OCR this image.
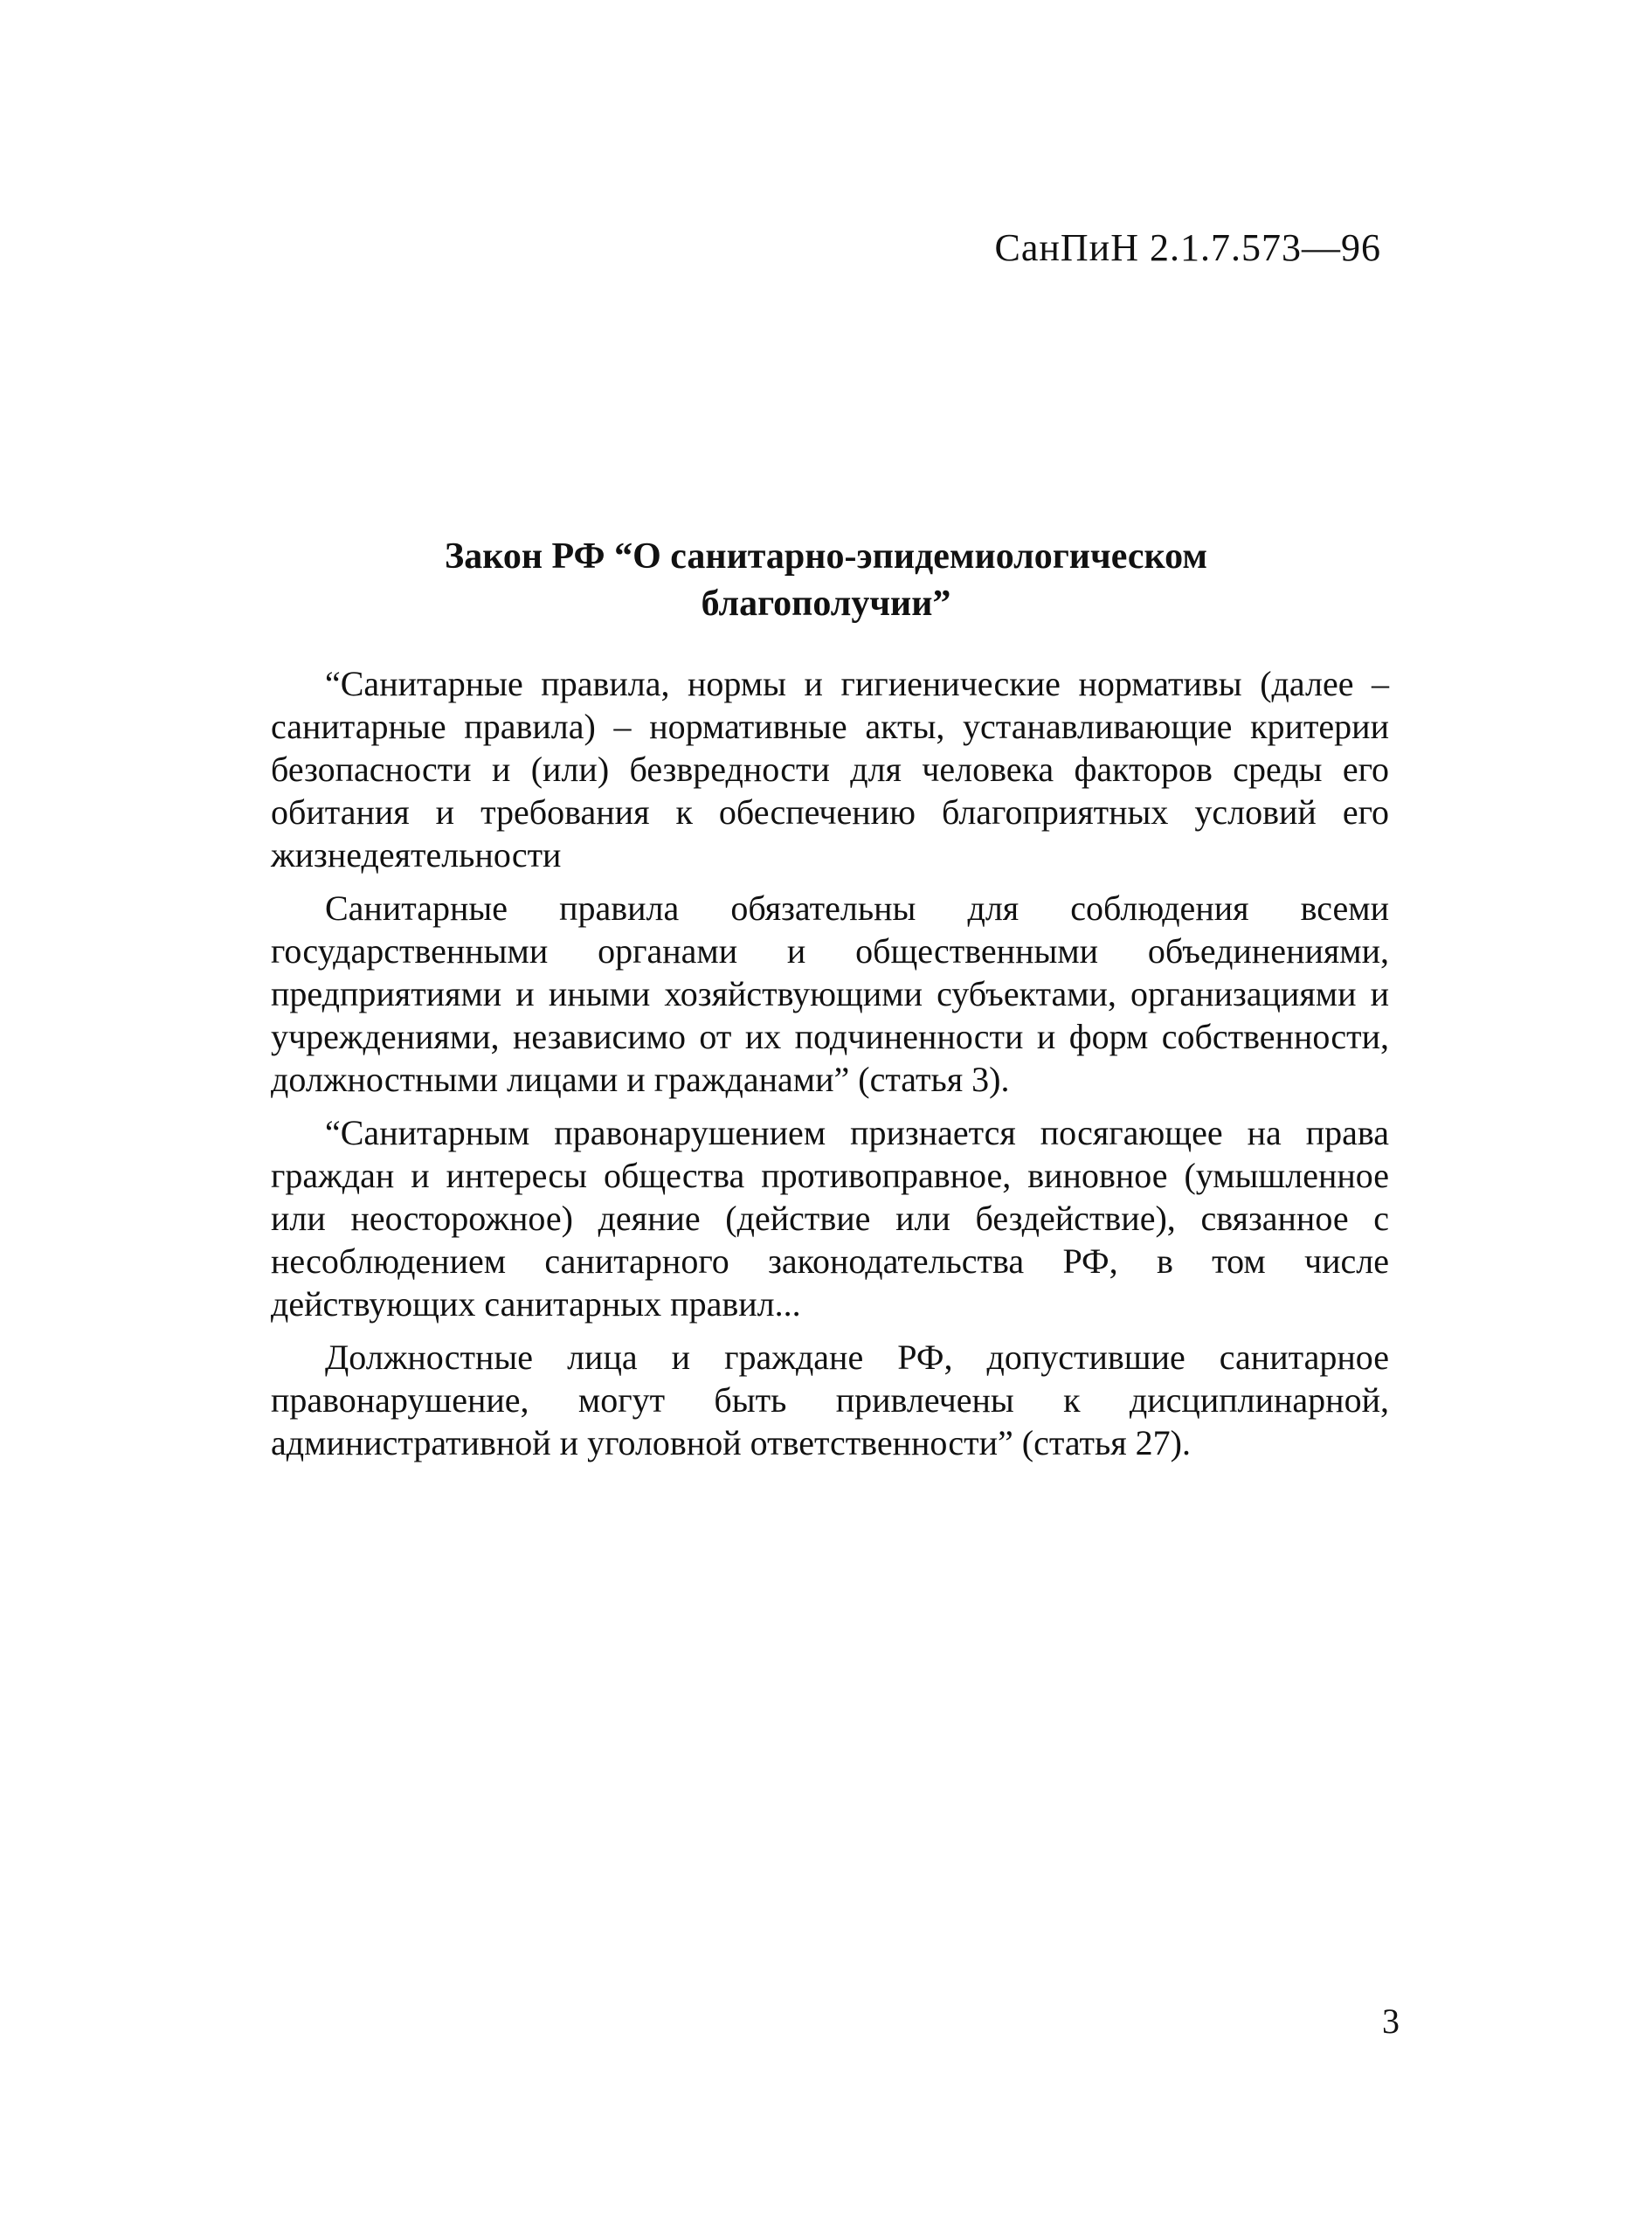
СанПиН 2.1.7.573—96
Закон РФ “О санитарно-эпидемиологическом
благополучии”

“Санитарные правила, нормы и гигиенические нормативы (далее – санитарные правила) – нормативные акты, устанавливающие критерии безопасности и (или) безвредности для человека факторов среды его обитания и требования к обеспечению благоприятных условий его жизнедеятельности

Санитарные правила обязательны для соблюдения всеми государственными органами и общественными объединениями, предприятиями и иными хозяйствующими субъектами, организациями и учреждениями, независимо от их подчиненности и форм собственности, должностными лицами и гражданами” (статья 3).

“Санитарным правонарушением признается посягающее на права граждан и интересы общества противоправное, виновное (умышленное или неосторожное) деяние (действие или бездействие), связанное с несоблюдением санитарного законодательства РФ, в том числе действующих санитарных правил...

Должностные лица и граждане РФ, допустившие санитарное правонарушение, могут быть привлечены к дисциплинарной, административной и уголовной ответственности” (статья 27).

3
